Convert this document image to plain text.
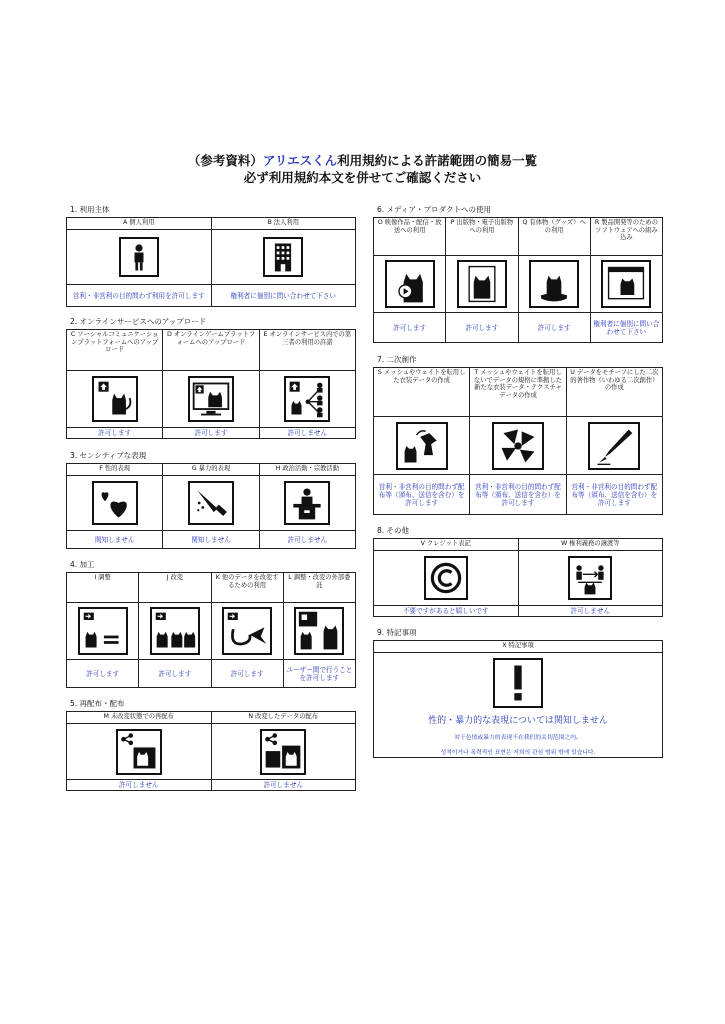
（参考資料）アリエスくん利用規約による許諾範囲の簡易一覧
必ず利用規約本文を併せてご確認ください
1. 利用主体
A 個人利用	B 法人利用

営利・非営利の目的問わず利用を許可します	権利者に個別に問い合わせて下さい
2. オンラインサービスへのアップロード
C ソーシャルコミュニケーションプラットフォームへのアップロード	D オンラインゲームプラットフォームへのアップロード	E オンラインサービス内での第三者の利用の許諾

許可します	許可します	許可しません
3. センシティブな表現
F 性的表現	G 暴力的表現	H 政治活動・宗教活動

関知しません	関知しません	許可しません
4. 加工
I 調整	J 改変	K 他のデータを改変するための利用	L 調整・改変の外部委託

許可します	許可します	許可します	ユーザー間で行うことを許可します
5. 再配布・配布
M 未改変状態での再配布	N 改変したデータの配布

許可しません	許可しません
6. メディア・プロダクトへの使用
O 映像作品・配信・放送への利用	P 出版物・電子出版物への利用	Q 有体物（グッズ）への利用	R 製品開発等のためのソフトウェアへの組み込み

許可します	許可します	許可します	権利者に個別に問い合わせて下さい
7. 二次創作
S メッシュやウェイトを転用した衣装データの作成	T メッシュやウェイトを転用しないでデータの規格に準拠した新たな衣装データ・テクスチャデータの作成	U データをモチーフにした二次的著作物（いわゆる二次創作）の作成

営利・非営利の目的問わず配布等（頒布、送信を含む）を許可します	営利・非営利の目的問わず配布等（頒布、送信を含む）を許可します	営利・非営利の目的問わず配布等（頒布、送信を含む）を許可します
8. その他
V クレジット表記	W 権利義務の譲渡等

不要ですがあると嬉しいです	許可しません
9. 特記事項
X 特記事項

性的・暴力的な表現については関知しません
対于色情或暴力的表现不在我们的关切范围之内。
성적이거나 폭력적인 표현은 저희의 관심 범위 밖에 있습니다.
